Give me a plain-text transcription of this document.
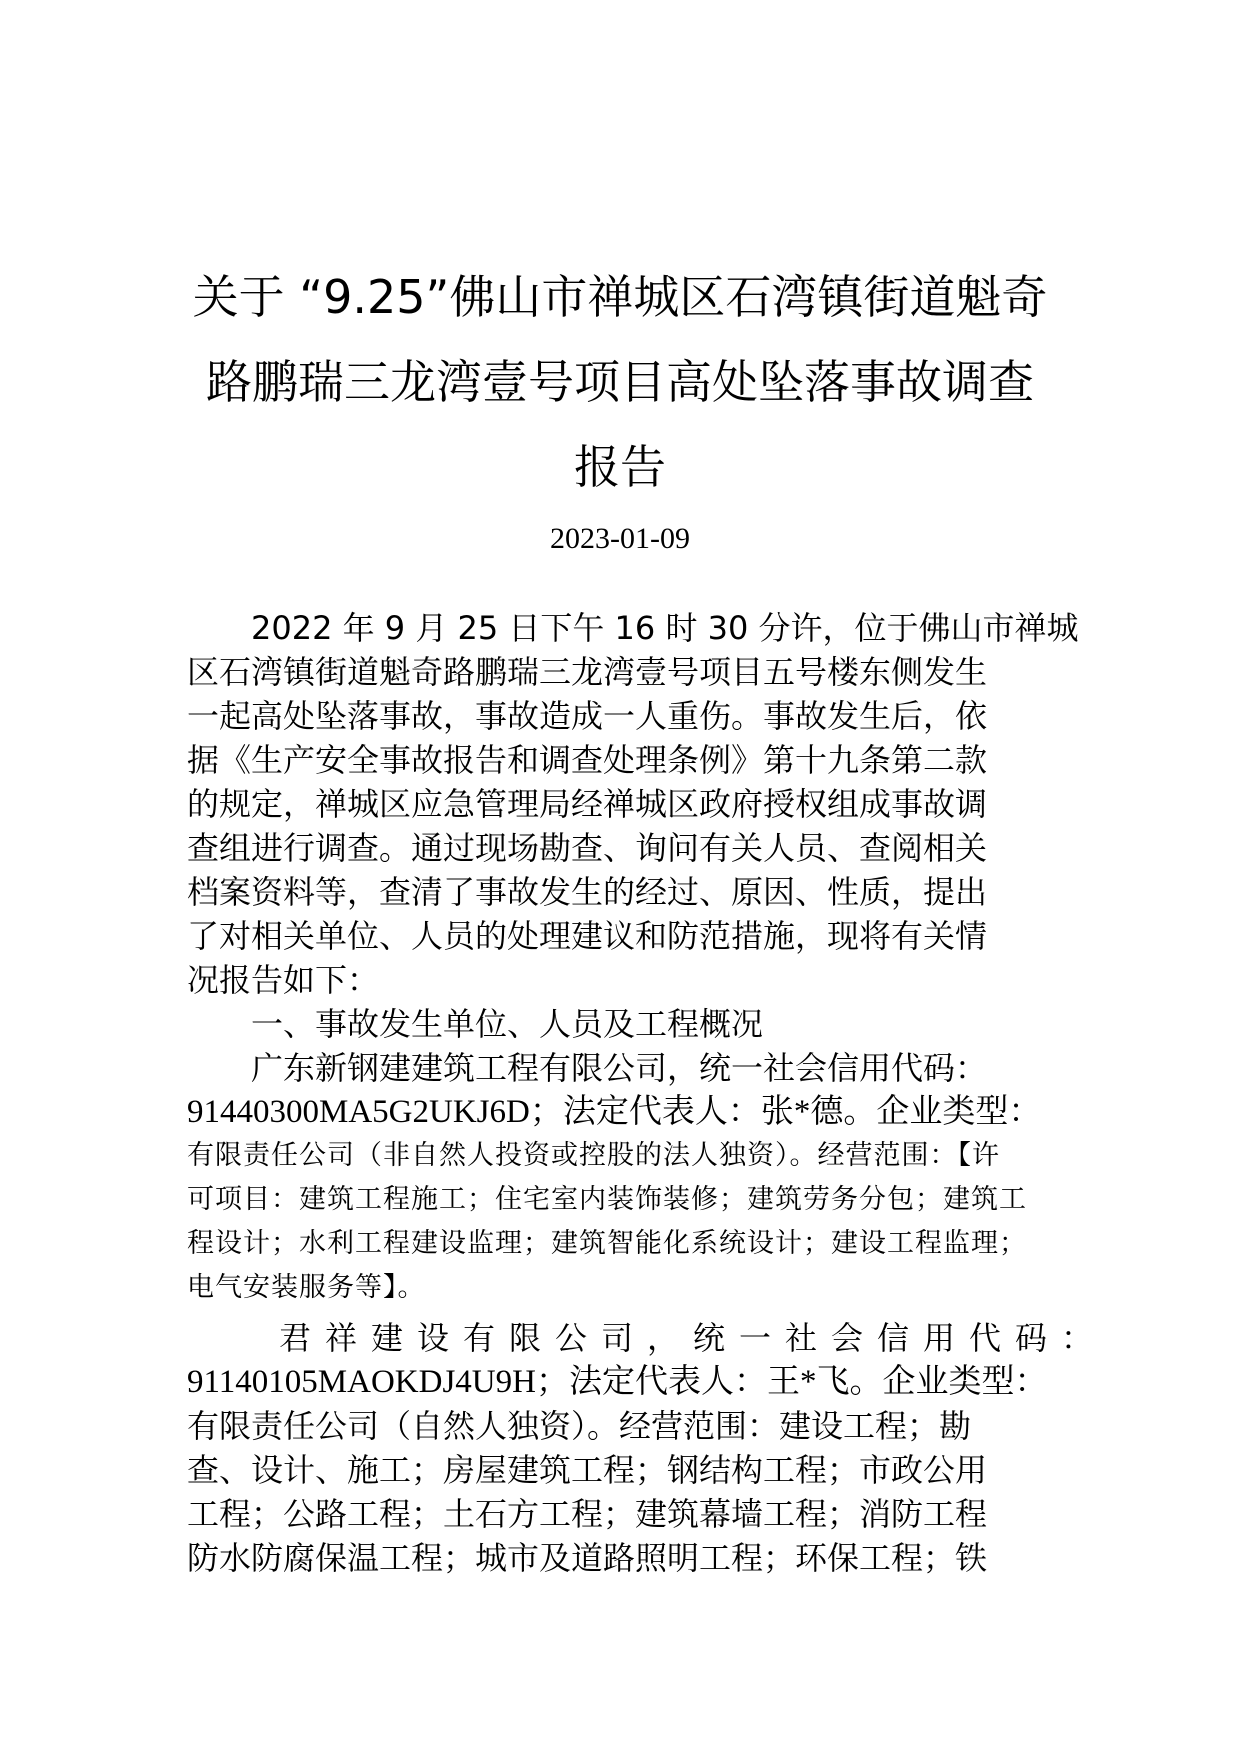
关于 “9.25”佛山市禅城区石湾镇街道魁奇
路鹏瑞三龙湾壹号项目高处坠落事故调查
报告
2023-01-09
　　2022 年 9 月 25 日下午 16 时 30 分许，位于佛山市禅城
区石湾镇街道魁奇路鹏瑞三龙湾壹号项目五号楼东侧发生
一起高处坠落事故，事故造成一人重伤。事故发生后，依
据《生产安全事故报告和调查处理条例》第十九条第二款
的规定，禅城区应急管理局经禅城区政府授权组成事故调
查组进行调查。通过现场勘查、询问有关人员、查阅相关
档案资料等，查清了事故发生的经过、原因、性质，提出
了对相关单位、人员的处理建议和防范措施，现将有关情
况报告如下：
　　一、事故发生单位、人员及工程概况
　　广东新钢建建筑工程有限公司，统一社会信用代码：
91440300MA5G2UKJ6D；法定代表人：张*德。企业类型：
有限责任公司（非自然人投资或控股的法人独资）。经营范围：【许
可项目：建筑工程施工；住宅室内装饰装修；建筑劳务分包；建筑工
程设计；水利工程建设监理；建筑智能化系统设计；建设工程监理；
电气安装服务等】。
　　君祥建设有限公司，统一社会信用代码：
91140105MAOKDJ4U9H；法定代表人：王*飞。企业类型：
有限责任公司（自然人独资）。经营范围：建设工程；勘
查、设计、施工；房屋建筑工程；钢结构工程；市政公用
工程；公路工程；土石方工程；建筑幕墙工程；消防工程
防水防腐保温工程；城市及道路照明工程；环保工程；铁
